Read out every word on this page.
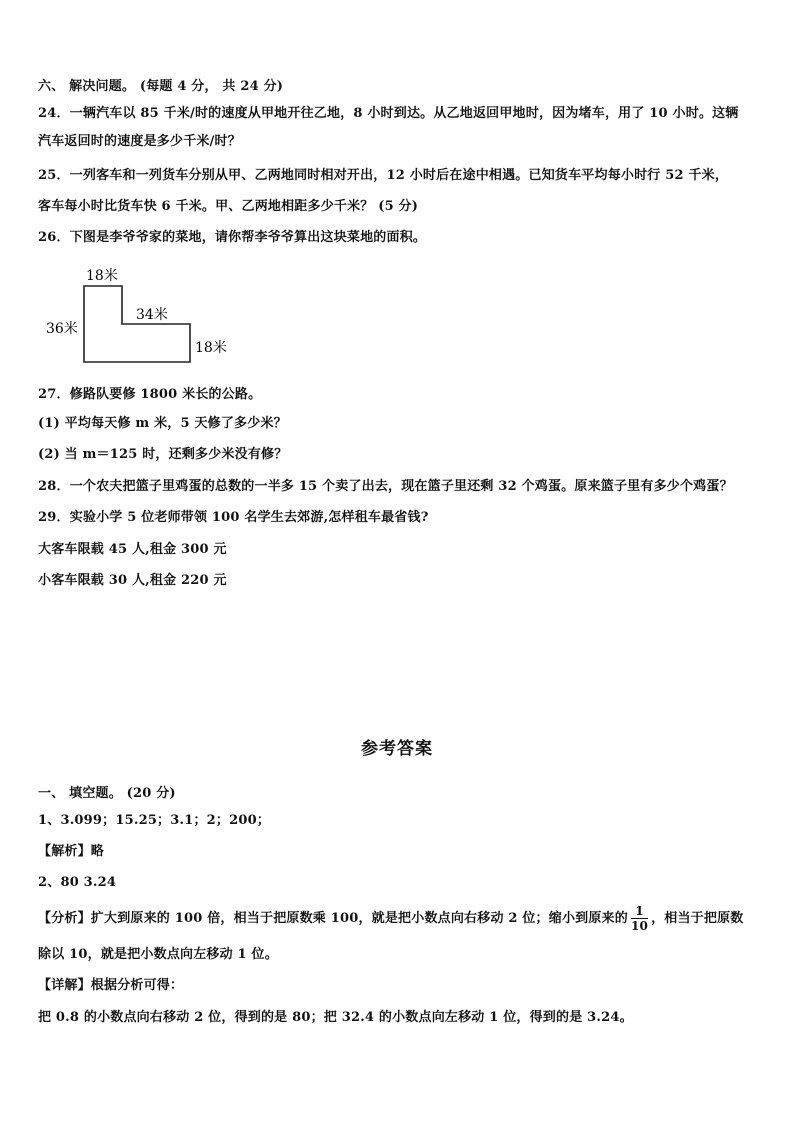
六、 解决问题。 (每题 4 分， 共 24 分)
24．一辆汽车以 85 千米/时的速度从甲地开往乙地，8 小时到达。从乙地返回甲地时，因为堵车，用了 10 小时。这辆
汽车返回时的速度是多少千米/时？
25．一列客车和一列货车分别从甲、乙两地同时相对开出，12 小时后在途中相遇。已知货车平均每小时行 52 千米，
客车每小时比货车快 6 千米。甲、乙两地相距多少千米？ (5 分)
26．下图是李爷爷家的菜地，请你帮李爷爷算出这块菜地的面积。
18米
36米
34米
18米
27．修路队要修 1800 米长的公路。
(1) 平均每天修 m 米，5 天修了多少米？
(2) 当 m＝125 时，还剩多少米没有修？
28．一个农夫把篮子里鸡蛋的总数的一半多 15 个卖了出去，现在篮子里还剩 32 个鸡蛋。原来篮子里有多少个鸡蛋？
29．实验小学 5 位老师带领 100 名学生去郊游,怎样租车最省钱?
大客车限载 45 人,租金 300 元
小客车限载 30 人,租金 220 元
参考答案
一、 填空题。 (20 分)
1、3.099；15.25；3.1；2；200；
【解析】略
2、80 3.24
【分析】扩大到原来的 100 倍，相当于把原数乘 100，就是把小数点向右移动 2 位；缩小到原来的 $\frac{1}{10}$ ，相当于把原数
除以 10，就是把小数点向左移动 1 位。
【详解】根据分析可得：
把 0.8 的小数点向右移动 2 位，得到的是 80；把 32.4 的小数点向左移动 1 位，得到的是 3.24。
